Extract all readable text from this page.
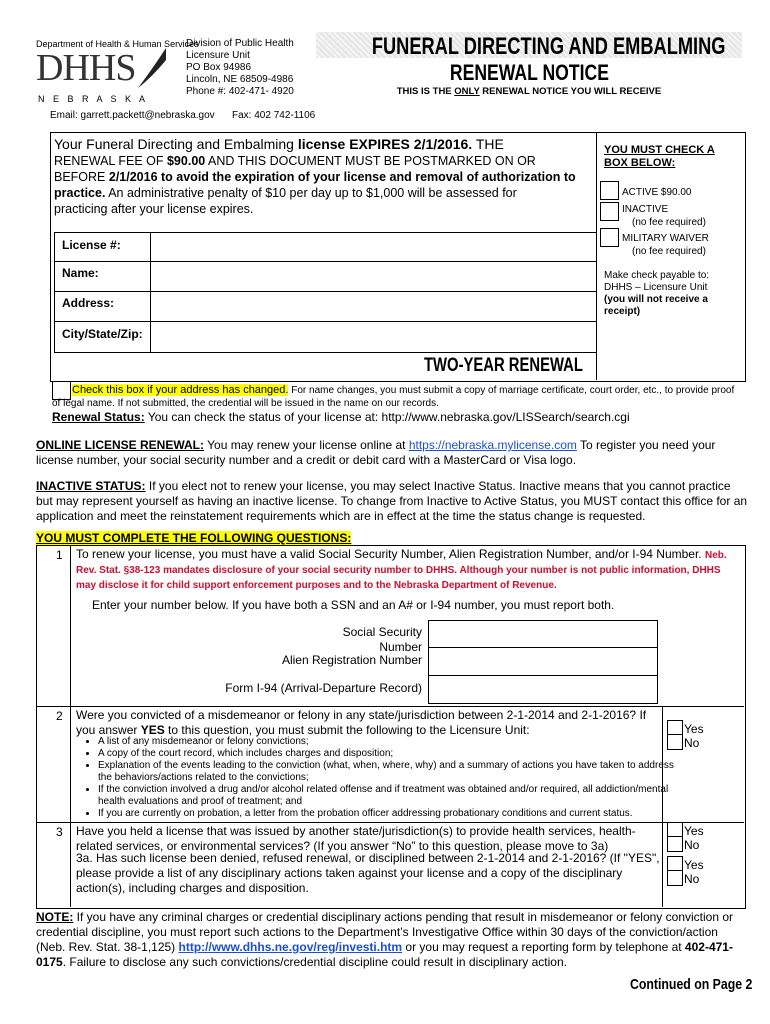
Department of Health & Human Services
DHHS
N E B R A S K A
Division of Public Health
Licensure Unit
PO Box 94986
Lincoln, NE 68509-4986
Phone #: 402-471- 4920
Email: garrett.packett@nebraska.gov Fax: 402 742-1106
FUNERAL DIRECTING AND EMBALMING
RENEWAL NOTICE
THIS IS THE ONLY RENEWAL NOTICE YOU WILL RECEIVE
Your Funeral Directing and Embalming license EXPIRES 2/1/2016. THE
RENEWAL FEE OF $90.00 AND THIS DOCUMENT MUST BE POSTMARKED ON OR
BEFORE 2/1/2016 to avoid the expiration of your license and removal of authorization to
practice. An administrative penalty of $10 per day up to $1,000 will be assessed for
practicing after your license expires.
License #:
Name:
Address:
City/State/Zip:
TWO-YEAR RENEWAL
YOU MUST CHECK A BOX BELOW:
ACTIVE $90.00
INACTIVE
(no fee required)
MILITARY WAIVER
(no fee required)
Make check payable to:
DHHS – Licensure Unit
(you will not receive a receipt)
Check this box if your address has changed. For name changes, you must submit a copy of marriage certificate, court order, etc., to provide proof of legal name. If not submitted, the credential will be issued in the name on our records.
Renewal Status: You can check the status of your license at: http://www.nebraska.gov/LISSearch/search.cgi
ONLINE LICENSE RENEWAL: You may renew your license online at https://nebraska.mylicense.com To register you need your license number, your social security number and a credit or debit card with a MasterCard or Visa logo.
INACTIVE STATUS: If you elect not to renew your license, you may select Inactive Status. Inactive means that you cannot practice but may represent yourself as having an inactive license. To change from Inactive to Active Status, you MUST contact this office for an application and meet the reinstatement requirements which are in effect at the time the status change is requested.
YOU MUST COMPLETE THE FOLLOWING QUESTIONS:
1 To renew your license, you must have a valid Social Security Number, Alien Registration Number, and/or I-94 Number. Neb. Rev. Stat. §38-123 mandates disclosure of your social security number to DHHS. Although your number is not public information, DHHS may disclose it for child support enforcement purposes and to the Nebraska Department of Revenue.
Enter your number below. If you have both a SSN and an A# or I-94 number, you must report both.
Social Security Number
Alien Registration Number
Form I-94 (Arrival-Departure Record)
2 Were you convicted of a misdemeanor or felony in any state/jurisdiction between 2-1-2014 and 2-1-2016? If you answer YES to this question, you must submit the following to the Licensure Unit:
• A list of any misdemeanor or felony convictions;
• A copy of the court record, which includes charges and disposition;
• Explanation of the events leading to the conviction (what, when, where, why) and a summary of actions you have taken to address the behaviors/actions related to the convictions;
• If the conviction involved a drug and/or alcohol related offense and if treatment was obtained and/or required, all addiction/mental health evaluations and proof of treatment; and
• If you are currently on probation, a letter from the probation officer addressing probationary conditions and current status.
Yes
No
3 Have you held a license that was issued by another state/jurisdiction(s) to provide health services, health-related services, or environmental services? (If you answer “No” to this question, please move to 3a)
3a. Has such license been denied, refused renewal, or disciplined between 2-1-2014 and 2-1-2016? (If "YES", please provide a list of any disciplinary actions taken against your license and a copy of the disciplinary action(s), including charges and disposition.
Yes
No
Yes
No
NOTE: If you have any criminal charges or credential disciplinary actions pending that result in misdemeanor or felony conviction or credential discipline, you must report such actions to the Department’s Investigative Office within 30 days of the conviction/action (Neb. Rev. Stat. 38-1,125) http://www.dhhs.ne.gov/reg/investi.htm or you may request a reporting form by telephone at 402-471-0175. Failure to disclose any such convictions/credential discipline could result in disciplinary action.
Continued on Page 2
